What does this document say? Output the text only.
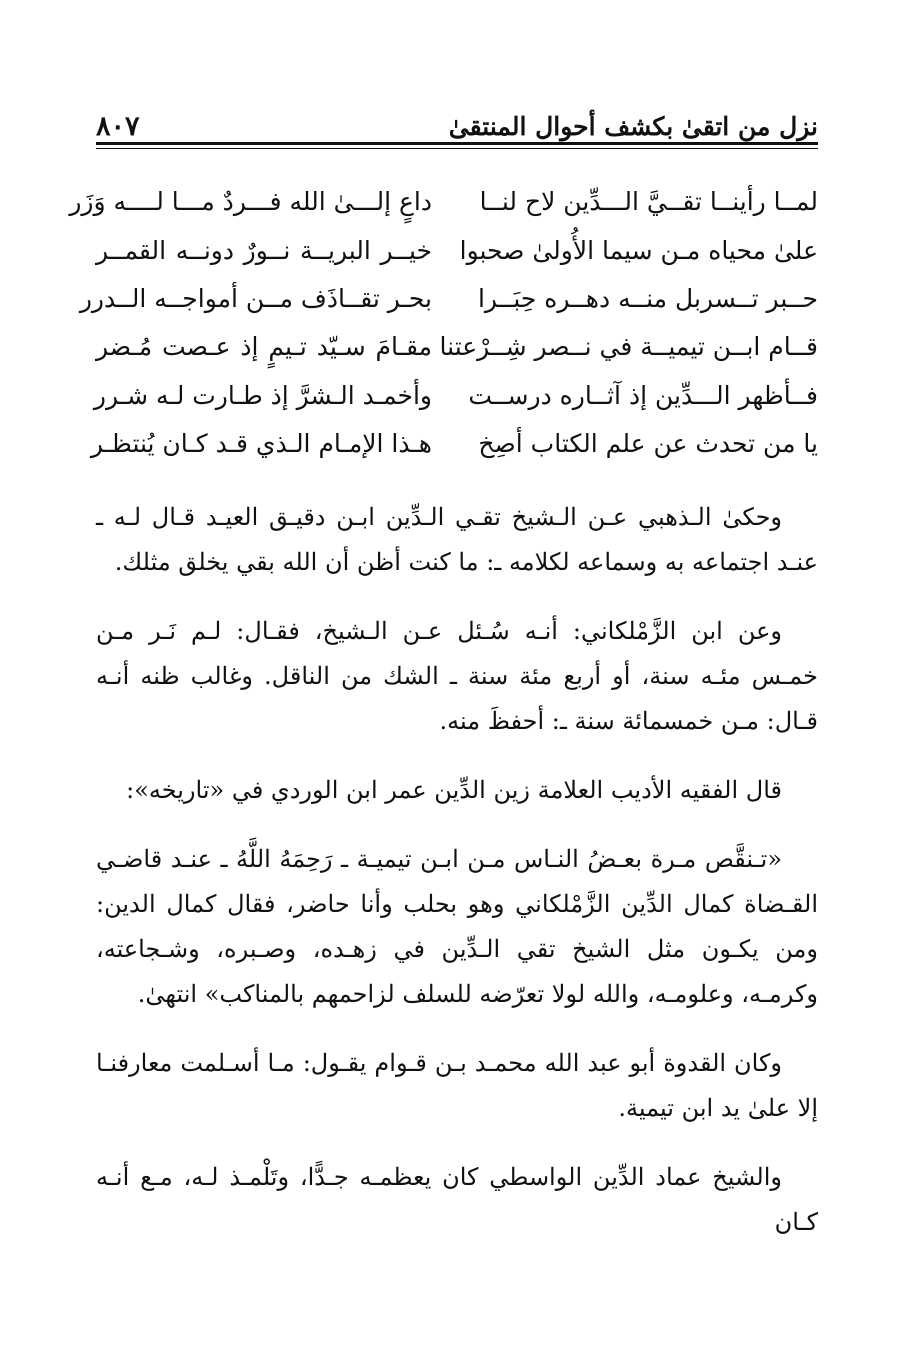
نزل من اتقىٰ بكشف أحوال المنتقىٰ
٨٠٧
لمــا رأينــا تقــيَّ الـــدِّين لاح لنــا
داعٍ إلـــىٰ الله فـــردٌ مـــا لــــه وَزَر
علىٰ محياه مـن سيما الأُولىٰ صحبوا
خيــر البريــة نــورٌ دونــه القمــر
حــبر تــسربل منــه دهــره حِبَــرا
بحـر تقــاذَف مــن أمواجــه الــدرر
قــام ابــن تيميــة في نــصر شِــرْعتنا
مقـامَ سـيّد تـيمٍ إذ عـصت مُـضر
فــأظهر الـــدِّين إذ آثــاره درســت
وأخمـد الـشرَّ إذ طـارت لـه شـرر
يا من تحدث عن علم الكتاب أصِخ
هـذا الإمـام الـذي قـد كـان يُنتظـر

وحكىٰ الـذهبي عـن الـشيخ تقـي الـدِّين ابـن دقيـق العيـد قـال لـه ـ عنـد اجتماعه به وسماعه لكلامه ـ: ما كنت أظن أن الله بقي يخلق مثلك.

وعن ابن الزَّمْلكاني: أنـه سُـئل عـن الـشيخ، فقـال: لـم نَـر مـن خمـس مئـه سنة، أو أربع مئة سنة ـ الشك من الناقل. وغالب ظنه أنـه قـال: مـن خمسمائة سنة ـ: أحفظَ منه.

قال الفقيه الأديب العلامة زين الدِّين عمر ابن الوردي في «تاريخه»:

«تـنقَّص مـرة بعـضُ النـاس مـن ابـن تيميـة ـ رَحِمَهُ اللَّهُ ـ عنـد قاضـي القـضاة كمال الدِّين الزَّمْلكاني وهو بحلب وأنا حاضر، فقال كمال الدين: ومن يكـون مثل الشيخ تقي الـدِّين في زهـده، وصـبره، وشـجاعته، وكرمـه، وعلومـه، والله لولا تعرّضه للسلف لزاحمهم بالمناكب» انتهىٰ.

وكان القدوة أبو عبد الله محمـد بـن قـوام يقـول: مـا أسـلمت معارفنـا إلا علىٰ يد ابن تيمية.

والشيخ عماد الدِّين الواسطي كان يعظمـه جـدًّا، وتَلْمـذ لـه، مـع أنـه كـان
